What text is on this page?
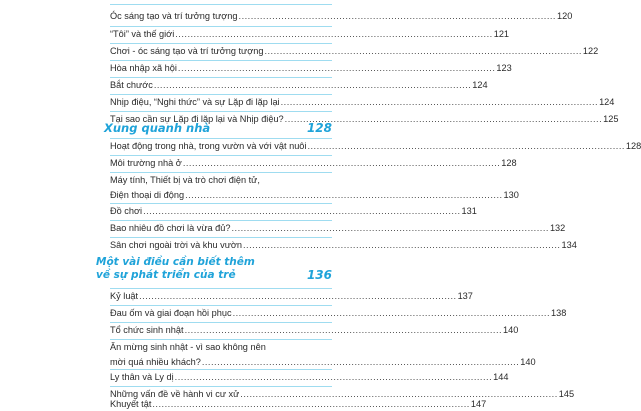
Óc sáng tạo và trí tưởng tượng ........................................................................................................ 120
“Tôi” và thế giới ........................................................................................................ 121
Chơi - óc sáng tạo và trí tưởng tượng ........................................................................................................ 122
Hòa nhập xã hội ........................................................................................................ 123
Bắt chước ........................................................................................................ 124
Nhịp điệu, “Nghi thức” và sự Lặp đi lặp lại ........................................................................................................ 124
Tại sao cần sự Lặp đi lặp lại và Nhịp điệu? ........................................................................................................ 125
Xung quanh nhà	128
Hoạt động trong nhà, trong vườn và với vật nuôi ........................................................................................................ 128
Môi trường nhà ở ........................................................................................................ 128
Máy tính, Thiết bị và trò chơi điện tử,
Điện thoại di động ........................................................................................................ 130
Đồ chơi ........................................................................................................ 131
Bao nhiêu đồ chơi là vừa đủ? ........................................................................................................ 132
Sân chơi ngoài trời và khu vườn ........................................................................................................ 134
Một vài điều cần biết thêm
về sự phát triển của trẻ	136
Kỷ luật ........................................................................................................ 137
Đau ốm và giai đoạn hồi phục ........................................................................................................ 138
Tổ chức sinh nhật ........................................................................................................ 140
Ăn mừng sinh nhật - vì sao không nên
mời quá nhiều khách? ........................................................................................................ 140
Ly thân và Ly dị ........................................................................................................ 144
Những vấn đề về hành vi cư xử ........................................................................................................ 145
Khuyết tật ........................................................................................................ 147
